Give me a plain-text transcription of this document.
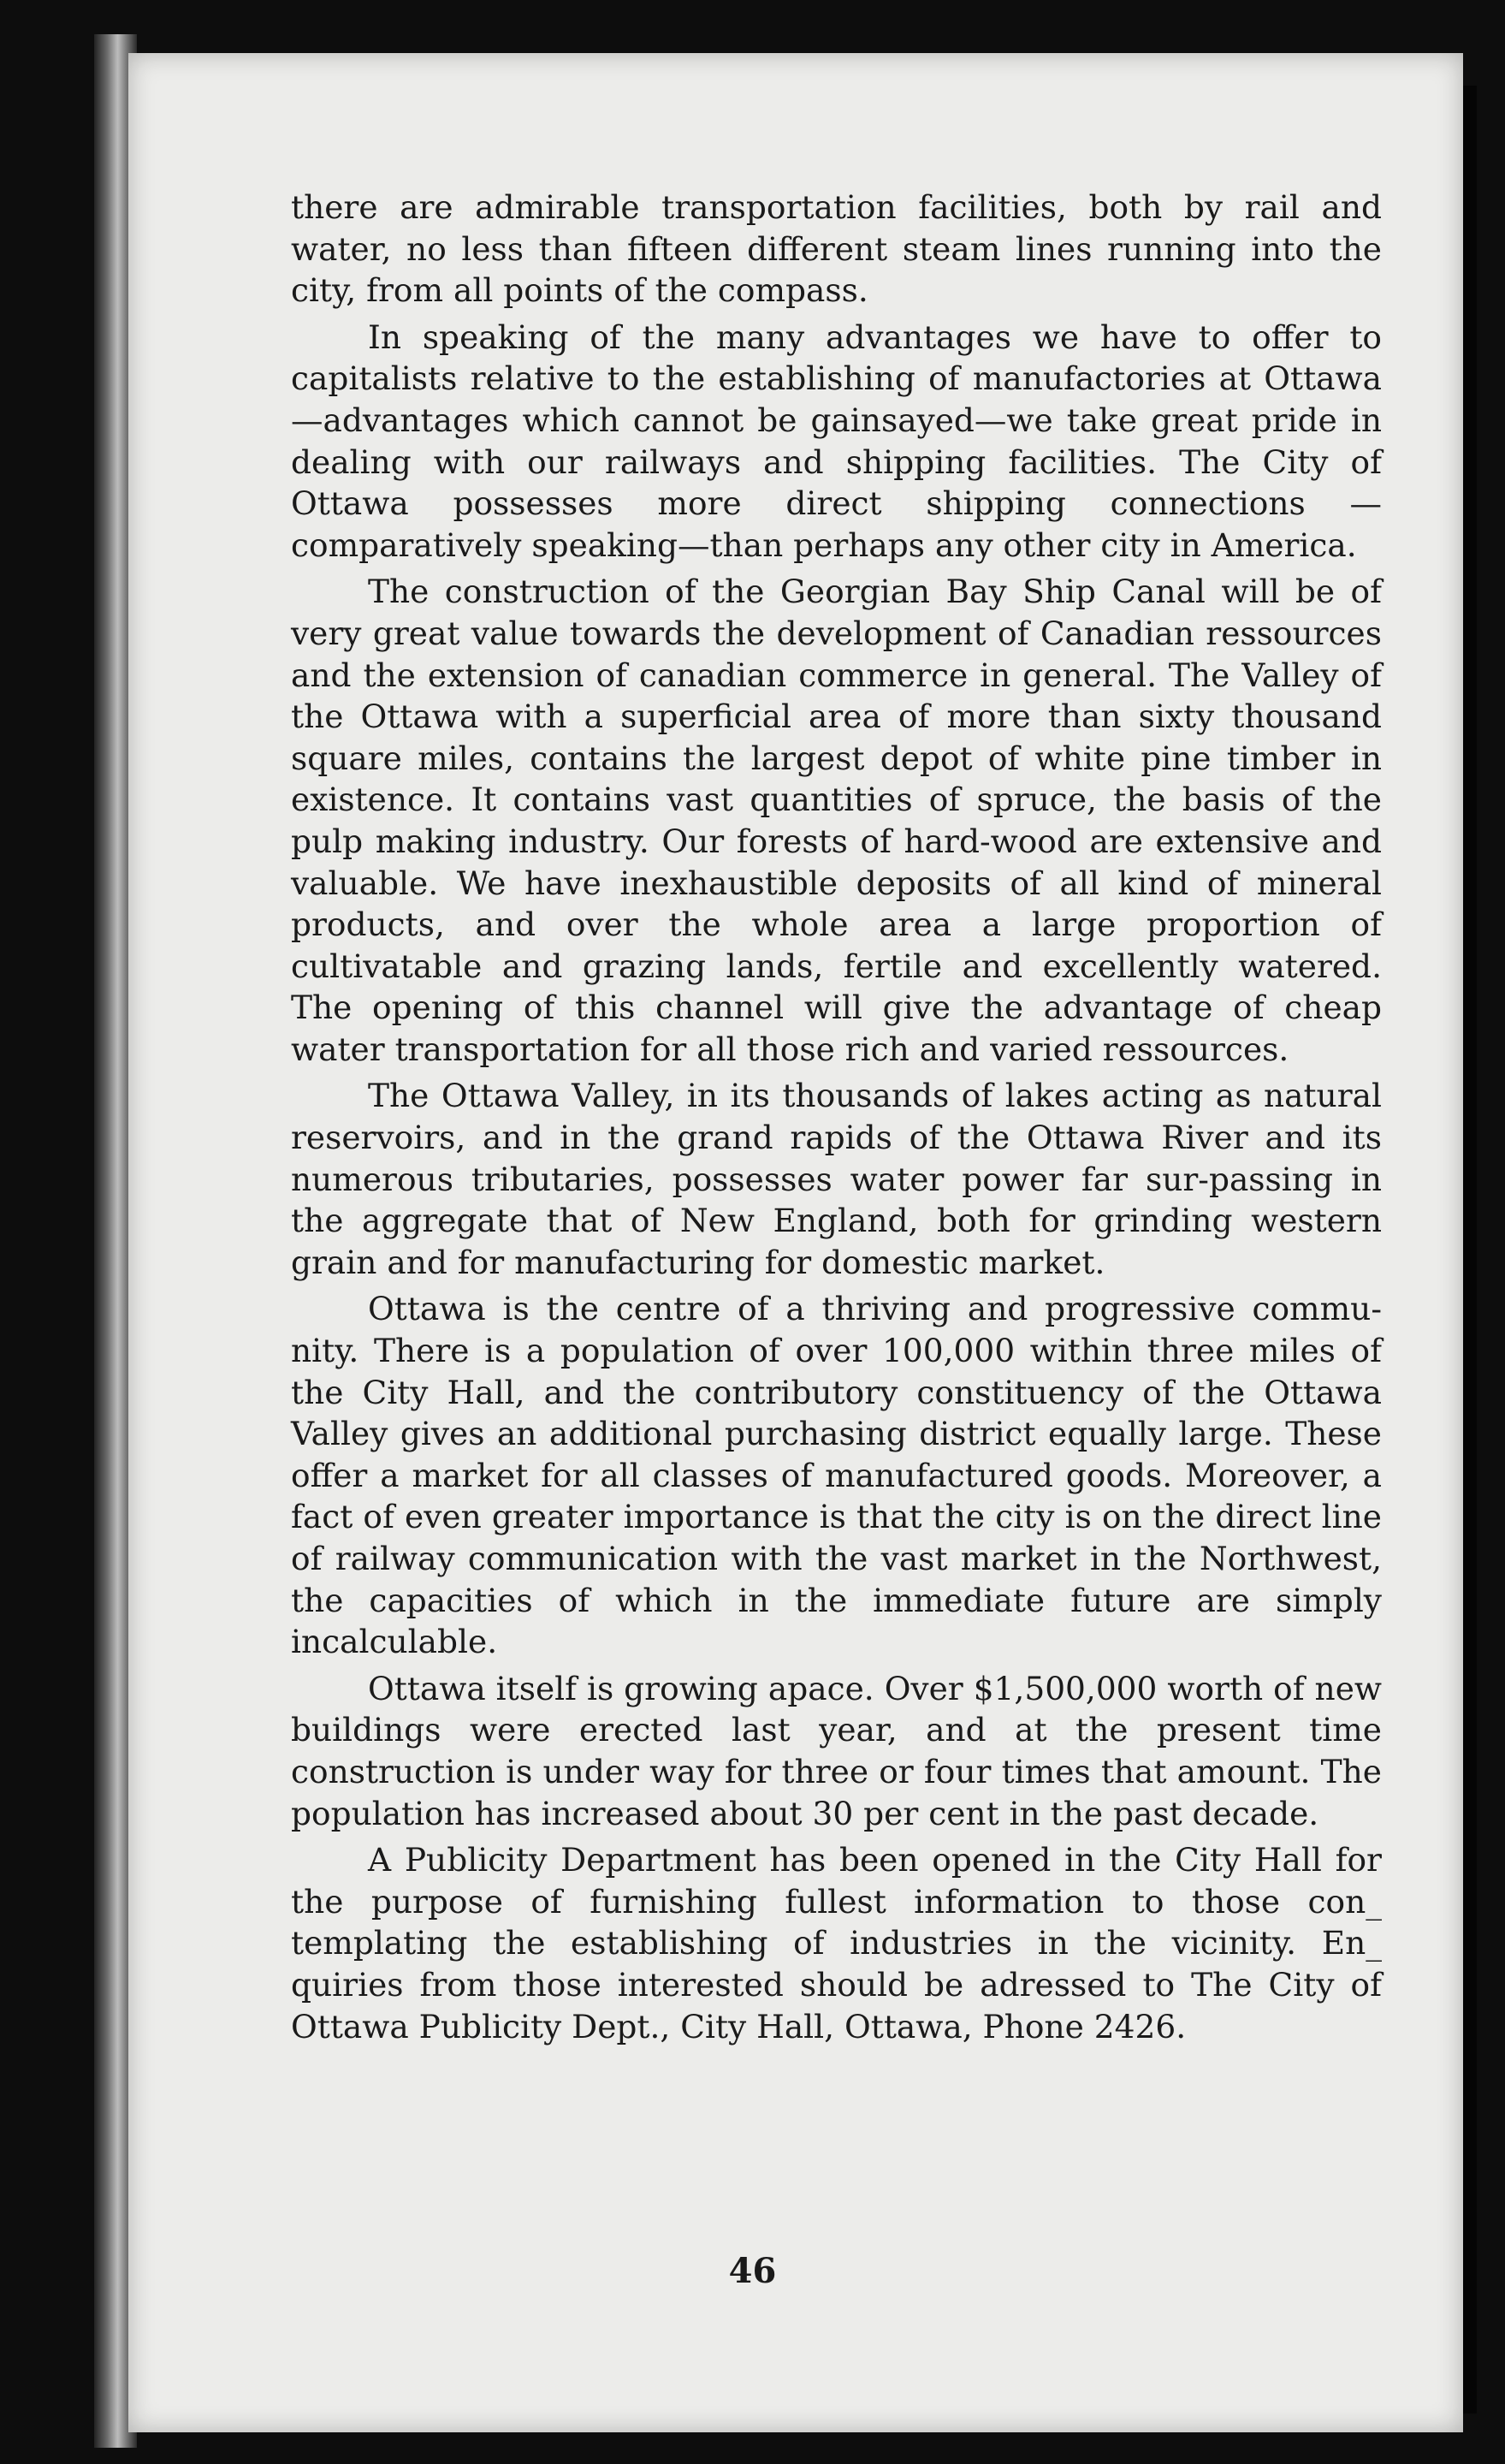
there are admirable transportation facilities, both by rail and water, no less than fifteen different steam lines running into the city, from all points of the compass.

In speaking of the many advantages we have to offer to capitalists relative to the establishing of manufactories at Ottawa —advantages which cannot be gainsayed—we take great pride in dealing with our railways and shipping facilities. The City of Ottawa possesses more direct shipping connections —comparatively speaking—than perhaps any other city in America.

The construction of the Georgian Bay Ship Canal will be of very great value towards the development of Canadian ressources and the extension of canadian commerce in general. The Valley of the Ottawa with a superficial area of more than sixty thousand square miles, contains the largest depot of white pine timber in existence. It contains vast quantities of spruce, the basis of the pulp making industry. Our forests of hard-wood are extensive and valuable. We have inexhaustible deposits of all kind of mineral products, and over the whole area a large proportion of cultivatable and grazing lands, fertile and excellently watered. The opening of this channel will give the advantage of cheap water transportation for all those rich and varied ressources.

The Ottawa Valley, in its thousands of lakes acting as natural reservoirs, and in the grand rapids of the Ottawa River and its numerous tributaries, possesses water power far sur-passing in the aggregate that of New England, both for grinding western grain and for manufacturing for domestic market.

Ottawa is the centre of a thriving and progressive commu-nity. There is a population of over 100,000 within three miles of the City Hall, and the contributory constituency of the Ottawa Valley gives an additional purchasing district equally large. These offer a market for all classes of manufactured goods. Moreover, a fact of even greater importance is that the city is on the direct line of railway communication with the vast market in the Northwest, the capacities of which in the immediate future are simply incalculable.

Ottawa itself is growing apace. Over $1,500,000 worth of new buildings were erected last year, and at the present time construction is under way for three or four times that amount. The population has increased about 30 per cent in the past decade.

A Publicity Department has been opened in the City Hall for the purpose of furnishing fullest information to those con_ templating the establishing of industries in the vicinity. En_ quiries from those interested should be adressed to The City of Ottawa Publicity Dept., City Hall, Ottawa, Phone 2426.

46
